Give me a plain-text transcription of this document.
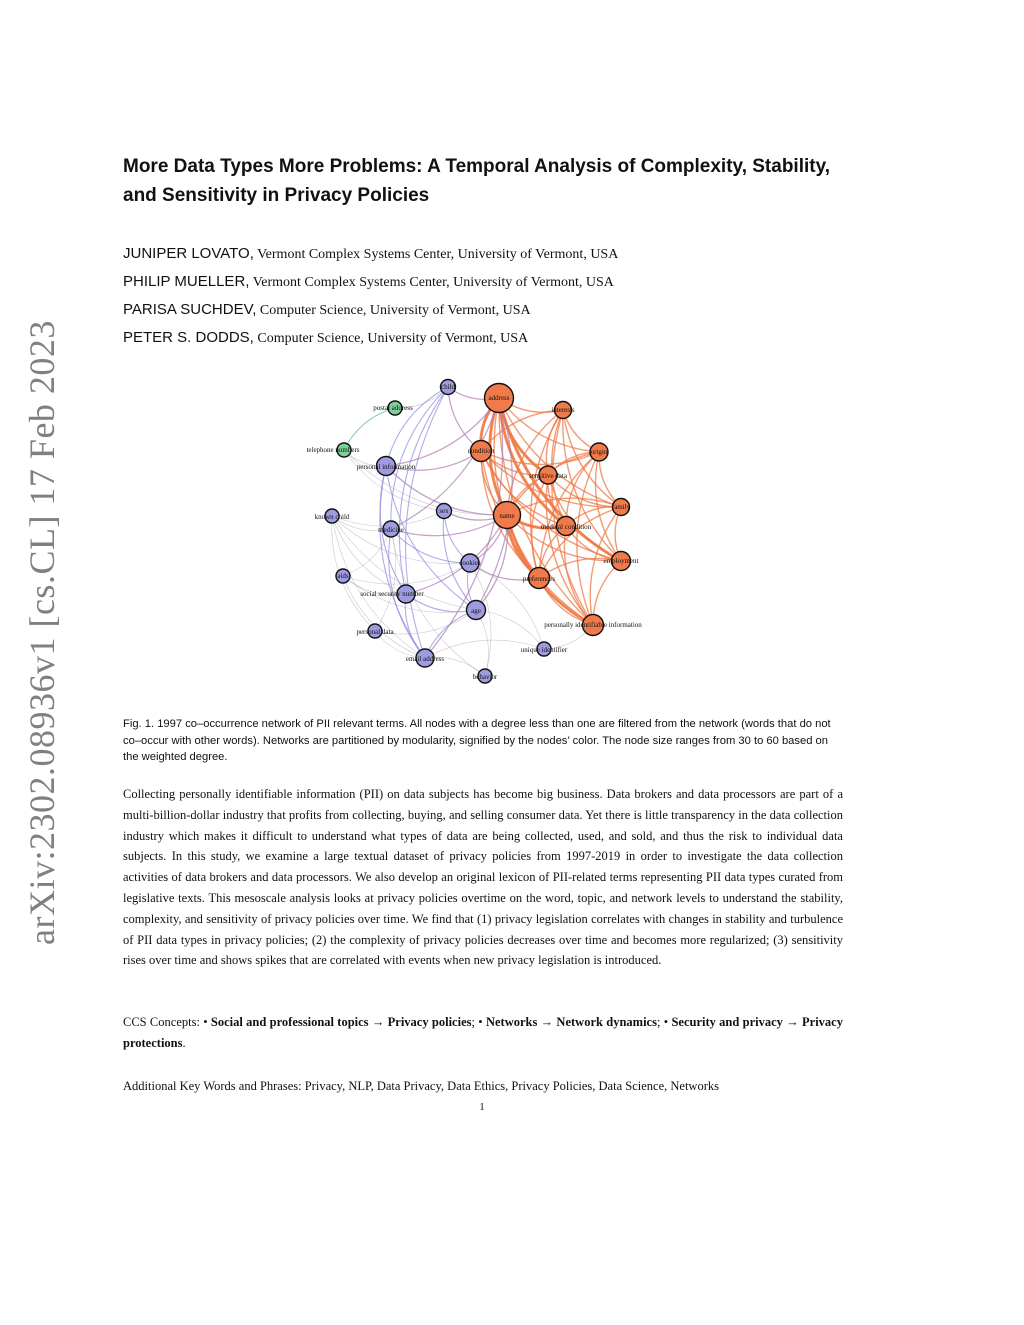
arXiv:2302.08936v1 [cs.CL] 17 Feb 2023
More Data Types More Problems: A Temporal Analysis of Complexity, Stability, and Sensitivity in Privacy Policies
JUNIPER LOVATO, Vermont Complex Systems Center, University of Vermont, USA
PHILIP MUELLER, Vermont Complex Systems Center, University of Vermont, USA
PARISA SUCHDEV, Computer Science, University of Vermont, USA
PETER S. DODDS, Computer Science, University of Vermont, USA
address
child
interests
postal address
telephone numbers	condition	origin
personal information
sensitive data
family
known child
sex
name
medicine	medical condition
cookies	employment
aids	preferences
social security number
age
personally identifiable information
personal data
unique identifier
email address
behavior
Fig. 1. 1997 co–occurrence network of PII relevant terms. All nodes with a degree less than one are filtered from the network (words that do not co–occur with other words). Networks are partitioned by modularity, signified by the nodes’ color. The node size ranges from 30 to 60 based on the weighted degree.
Collecting personally identifiable information (PII) on data subjects has become big business. Data brokers and data processors are part of a multi-billion-dollar industry that profits from collecting, buying, and selling consumer data. Yet there is little transparency in the data collection industry which makes it difficult to understand what types of data are being collected, used, and sold, and thus the risk to individual data subjects. In this study, we examine a large textual dataset of privacy policies from 1997-2019 in order to investigate the data collection activities of data brokers and data processors. We also develop an original lexicon of PII-related terms representing PII data types curated from legislative texts. This mesoscale analysis looks at privacy policies overtime on the word, topic, and network levels to understand the stability, complexity, and sensitivity of privacy policies over time. We find that (1) privacy legislation correlates with changes in stability and turbulence of PII data types in privacy policies; (2) the complexity of privacy policies decreases over time and becomes more regularized; (3) sensitivity rises over time and shows spikes that are correlated with events when new privacy legislation is introduced.
CCS Concepts: • Social and professional topics → Privacy policies; • Networks → Network dynamics; • Security and privacy → Privacy protections.
Additional Key Words and Phrases: Privacy, NLP, Data Privacy, Data Ethics, Privacy Policies, Data Science, Networks
1
